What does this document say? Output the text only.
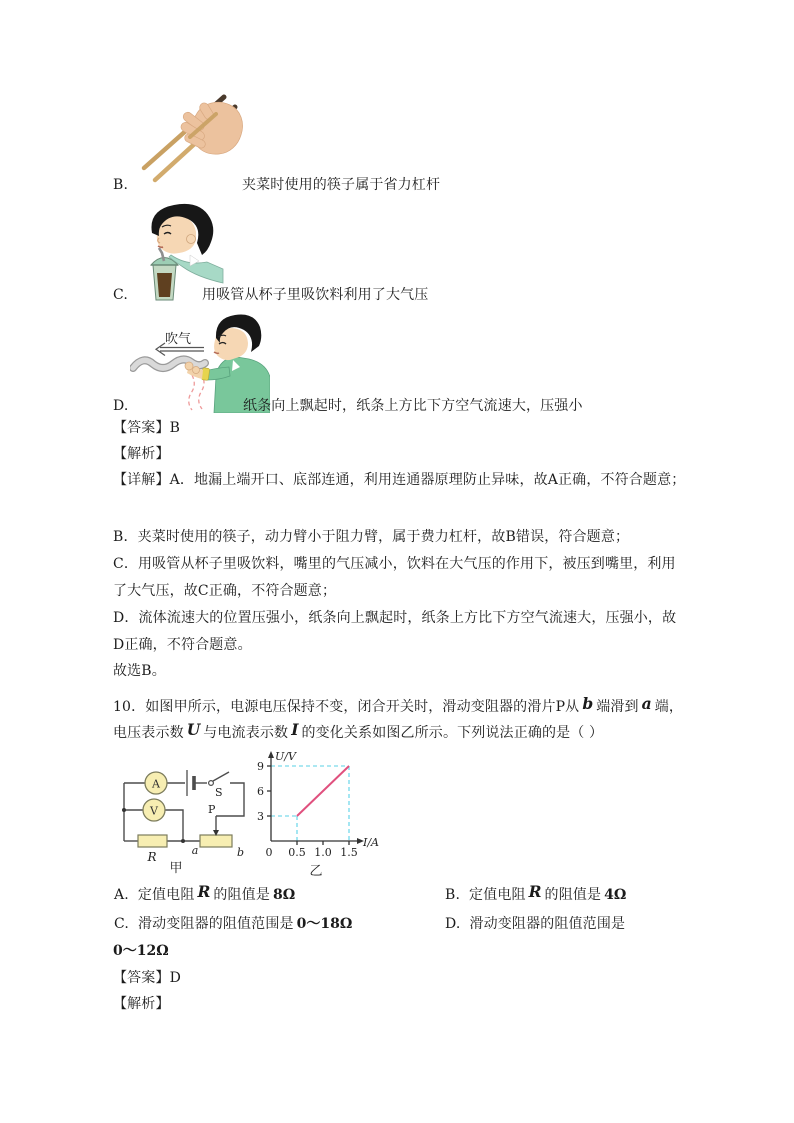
B.	夹菜时使用的筷子属于省力杠杆
C.	用吸管从杯子里吸饮料利用了大气压
吹气
D.	纸条向上飘起时，纸条上方比下方空气流速大，压强小
【答案】B
【解析】
【详解】A．地漏上端开口、底部连通，利用连通器原理防止异味，故A正确，不符合题意；
B．夹菜时使用的筷子，动力臂小于阻力臂，属于费力杠杆，故B错误，符合题意；
C．用吸管从杯子里吸饮料，嘴里的气压减小，饮料在大气压的作用下，被压到嘴里，利用
了大气压，故C正确，不符合题意；
D．流体流速大的位置压强小，纸条向上飘起时，纸条上方比下方空气流速大，压强小，故
D正确，不符合题意。
故选B。
10．如图甲所示，电源电压保持不变，闭合开关时，滑动变阻器的滑片P从 b 端滑到 a 端，
电压表示数 U 与电流表示数 I 的变化关系如图乙所示。下列说法正确的是（ ）
S
A
V
R
P
a	b
甲
U/V
I/A
9
6
3
0 0.5 1.0 1.5
乙
A. 定值电阻 R 的阻值是 8Ω	B. 定值电阻 R 的阻值是 4Ω
C. 滑动变阻器的阻值范围是 0～18Ω	D. 滑动变阻器的阻值范围是
0～12Ω
【答案】D
【解析】
